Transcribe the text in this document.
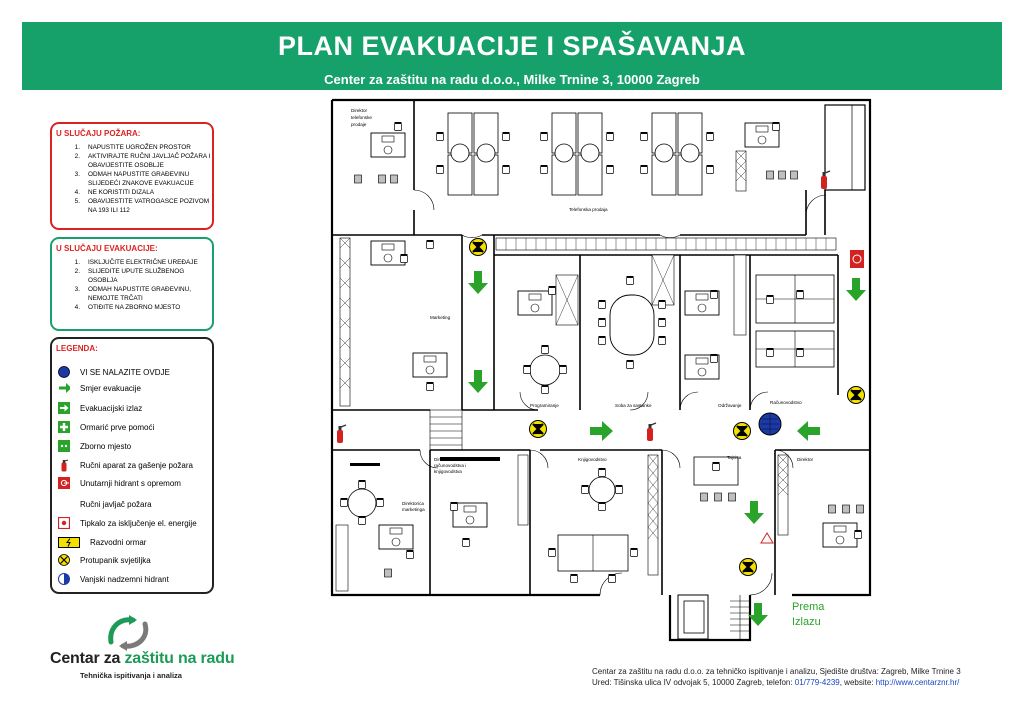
PLAN EVAKUACIJE I SPAŠAVANJA
Center za zaštitu na radu d.o.o., Milke Trnine 3, 10000 Zagreb
U SLUČAJU POŽARA:
1.	NAPUSTITE UGROŽEN PROSTOR
2.	AKTIVIRAJTE RUČNI JAVLJAČ POŽARA I OBAVIJESTITE OSOBLJE
3.	ODMAH NAPUSTITE GRAĐEVINU SLIJEDEĆI ZNAKOVE EVAKUACIJE
4.	NE KORISTITI DIZALA
5.	OBAVIJESTITE VATROGASCE POZIVOM NA 193 ILI 112
U SLUČAJU EVAKUACIJE:
1.	ISKLJUČITE ELEKTRIČNE UREĐAJE
2.	SLIJEDITE UPUTE SLUŽBENOG OSOBLJA
3.	ODMAH NAPUSTITE GRAĐEVINU, NEMOJTE TRČATI
4.	OTIĐITE NA ZBORNO MJESTO
LEGENDA:
VI SE NALAZITE OVDJE
Smjer evakuacije
Evakuacijski izlaz
Ormarić prve pomoći
Zborno mjesto
Ručni aparat za gašenje požara
Unutarnji hidrant s opremom
Ručni javljač požara
Tipkalo za isključenje el. energije
Razvodni ormar
Protupanik svjetiljka
Vanjski nadzemni hidrant
Centar za zaštitu na radu
Tehnička ispitivanja i analiza	Centar za zaštitu na radu d.o.o. za tehničko ispitivanje i analizu, Sjedište društva: Zagreb, Milke Trnine 3
Ured: Tišinska ulica IV odvojak 5, 10000 Zagreb, telefon: 01/779-4239, website: http://www.centarznr.hr/
Direktor
telefonske
prodaje
Telefonska prodaja
Marketing
Programiranje	Soba za sastanke	Održavanje
Računovodstvo
Direktorica
računovodstva i
knjigovodstva
Knjigovodstvo	Tajnica	Direktor
Direktorica
marketinga
Prema
Izlazu
